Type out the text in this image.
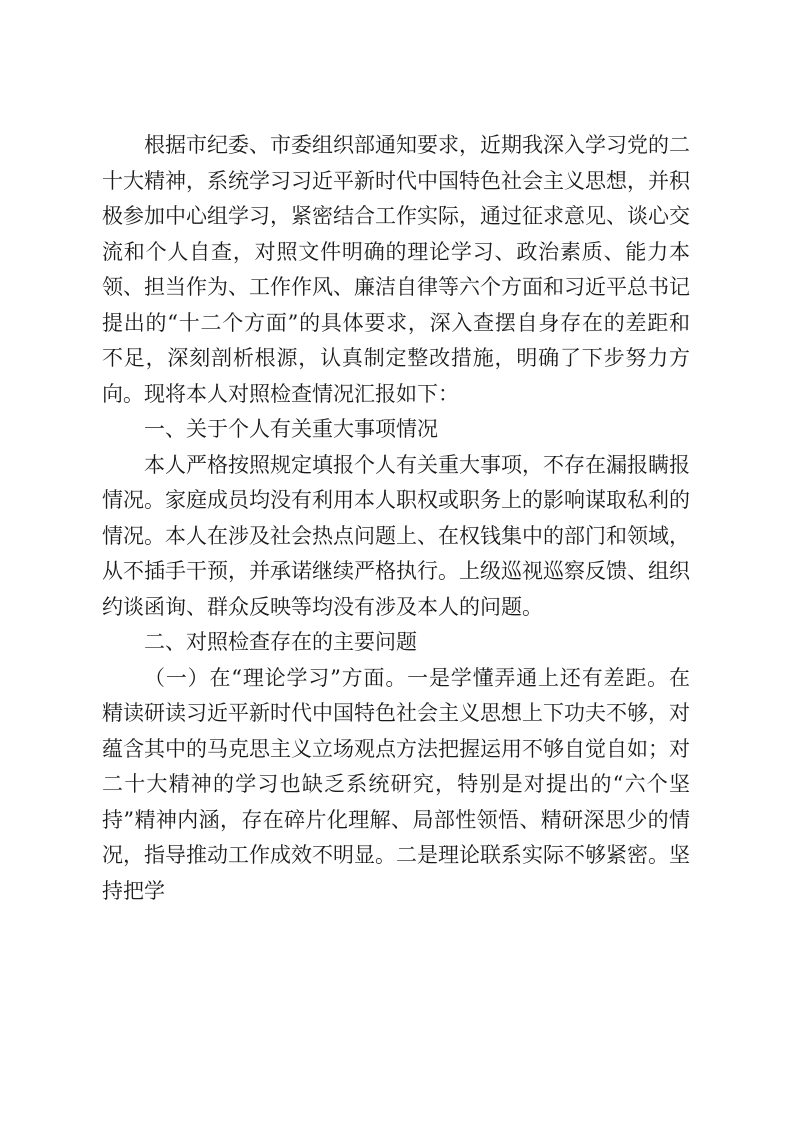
根据市纪委、市委组织部通知要求，近期我深入学习党的二十大精神，系统学习习近平新时代中国特色社会主义思想，并积极参加中心组学习，紧密结合工作实际，通过征求意见、谈心交流和个人自查，对照文件明确的理论学习、政治素质、能力本领、担当作为、工作作风、廉洁自律等六个方面和习近平总书记提出的“十二个方面”的具体要求，深入查摆自身存在的差距和不足，深刻剖析根源，认真制定整改措施，明确了下步努力方向。现将本人对照检查情况汇报如下：

一、关于个人有关重大事项情况

本人严格按照规定填报个人有关重大事项，不存在漏报瞒报情况。家庭成员均没有利用本人职权或职务上的影响谋取私利的情况。本人在涉及社会热点问题上、在权钱集中的部门和领域，从不插手干预，并承诺继续严格执行。上级巡视巡察反馈、组织约谈函询、群众反映等均没有涉及本人的问题。

二、对照检查存在的主要问题

（一）在“理论学习”方面。一是学懂弄通上还有差距。在精读研读习近平新时代中国特色社会主义思想上下功夫不够，对蕴含其中的马克思主义立场观点方法把握运用不够自觉自如；对二十大精神的学习也缺乏系统研究，特别是对提出的“六个坚持”精神内涵，存在碎片化理解、局部性领悟、精研深思少的情况，指导推动工作成效不明显。二是理论联系实际不够紧密。坚持把学
